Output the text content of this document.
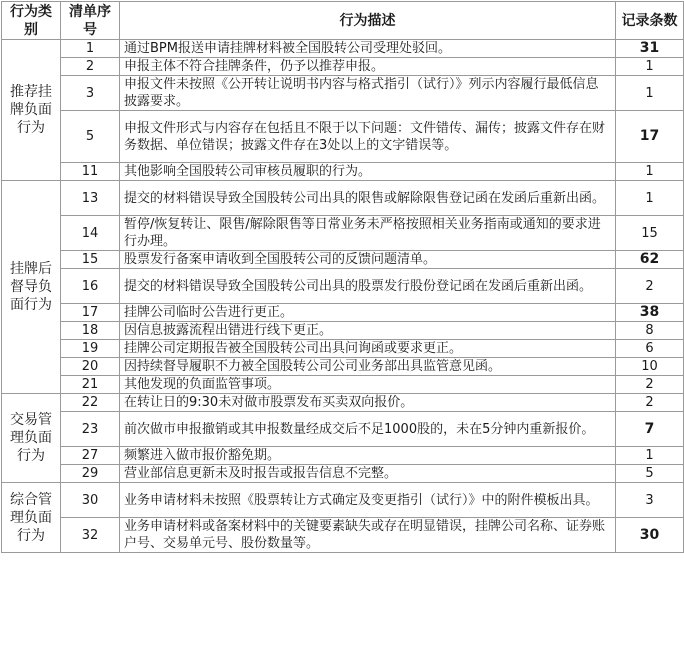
行为类别	清单序号	行为描述	记录条数
推荐挂牌负面行为	1	通过BPM报送申请挂牌材料被全国股转公司受理处驳回。	31
	2	申报主体不符合挂牌条件，仍予以推荐申报。	1
	3	申报文件未按照《公开转让说明书内容与格式指引（试行）》列示内容履行最低信息披露要求。	1
	5	申报文件形式与内容存在包括且不限于以下问题：文件错传、漏传；披露文件存在财务数据、单位错误；披露文件存在3处以上的文字错误等。	17
	11	其他影响全国股转公司审核员履职的行为。	1
挂牌后督导负面行为	13	提交的材料错误导致全国股转公司出具的限售或解除限售登记函在发函后重新出函。	1
	14	暂停/恢复转让、限售/解除限售等日常业务未严格按照相关业务指南或通知的要求进行办理。	15
	15	股票发行备案申请收到全国股转公司的反馈问题清单。	62
	16	提交的材料错误导致全国股转公司出具的股票发行股份登记函在发函后重新出函。	2
	17	挂牌公司临时公告进行更正。	38
	18	因信息披露流程出错进行线下更正。	8
	19	挂牌公司定期报告被全国股转公司出具问询函或要求更正。	6
	20	因持续督导履职不力被全国股转公司公司业务部出具监管意见函。	10
	21	其他发现的负面监管事项。	2
交易管理负面行为	22	在转让日的9:30未对做市股票发布买卖双向报价。	2
	23	前次做市申报撤销或其申报数量经成交后不足1000股的，未在5分钟内重新报价。	7
	27	频繁进入做市报价豁免期。	1
	29	营业部信息更新未及时报告或报告信息不完整。	5
综合管理负面行为	30	业务申请材料未按照《股票转让方式确定及变更指引（试行）》中的附件模板出具。	3
	32	业务申请材料或备案材料中的关键要素缺失或存在明显错误，挂牌公司名称、证券账户号、交易单元号、股份数量等。	30
